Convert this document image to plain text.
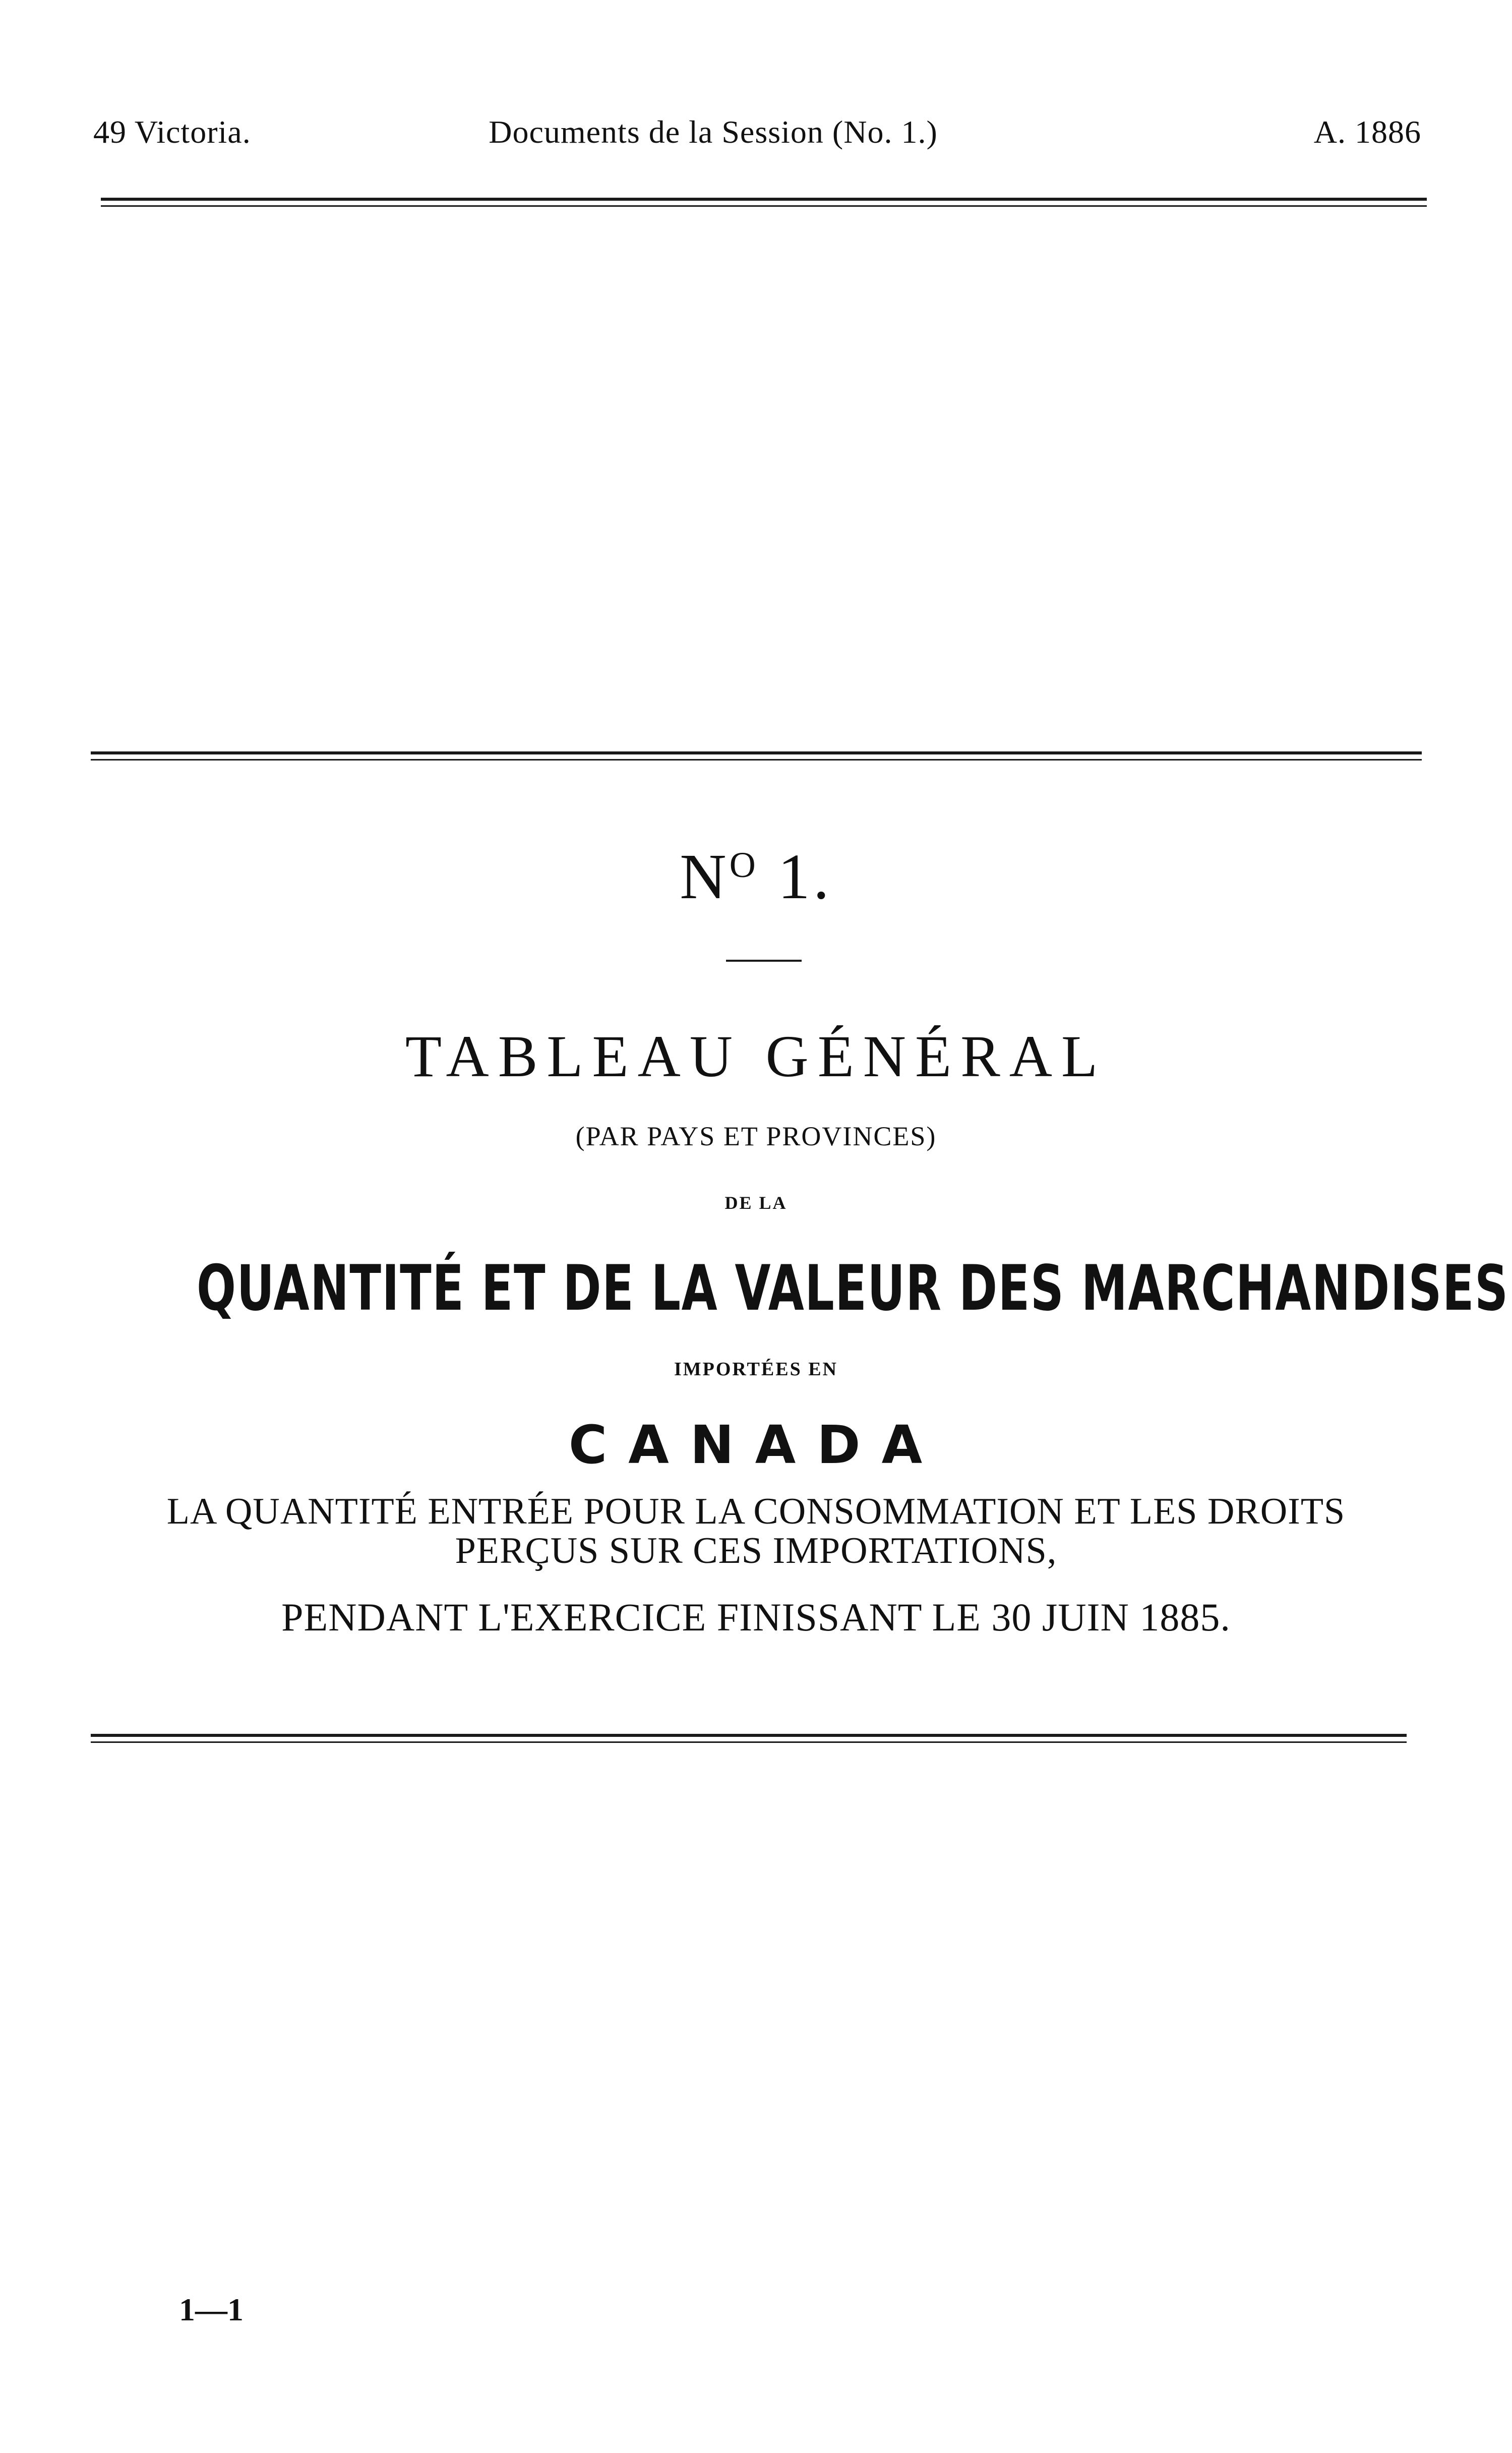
49 Victoria.	Documents de la Session (No. 1.)	A. 1886
$N^O$ 1.
TABLEAU GÉNÉRAL
(PAR PAYS ET PROVINCES)
DE LA
QUANTITÉ ET DE LA VALEUR DES MARCHANDISES
IMPORTÉES EN
CANADA
LA QUANTITÉ ENTRÉE POUR LA CONSOMMATION ET LES DROITS
PERÇUS SUR CES IMPORTATIONS,
PENDANT L'EXERCICE FINISSANT LE 30 JUIN 1885.
1—1
